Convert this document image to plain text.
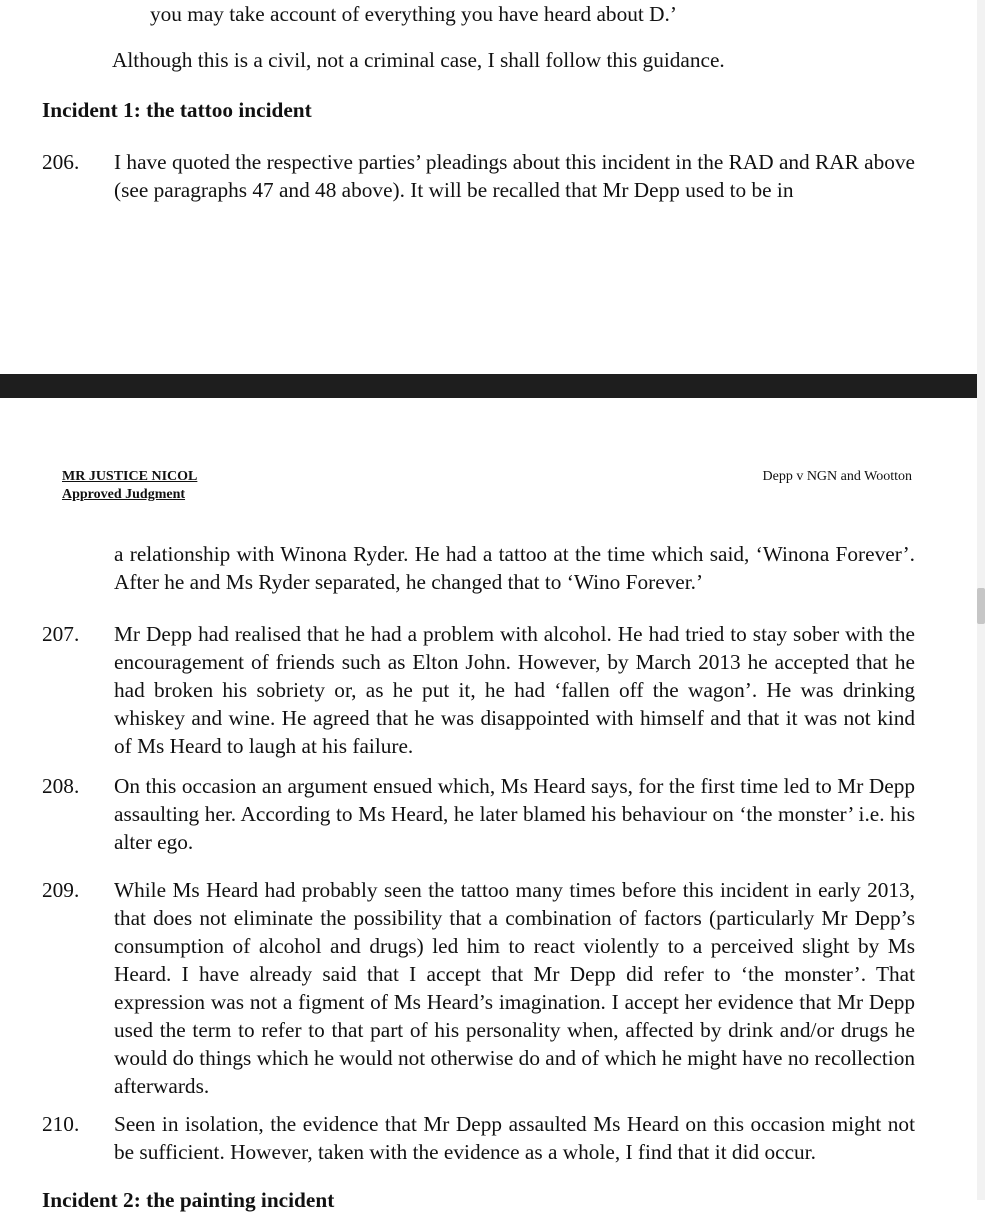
you may take account of everything you have heard about D.’
Although this is a civil, not a criminal case, I shall follow this guidance.
Incident 1: the tattoo incident
206. I have quoted the respective parties’ pleadings about this incident in the RAD and RAR above (see paragraphs 47 and 48 above). It will be recalled that Mr Depp used to be in
MR JUSTICE NICOL
Approved Judgment
Depp v NGN and Wootton
a relationship with Winona Ryder. He had a tattoo at the time which said, ‘Winona Forever’. After he and Ms Ryder separated, he changed that to ‘Wino Forever.’
207. Mr Depp had realised that he had a problem with alcohol. He had tried to stay sober with the encouragement of friends such as Elton John. However, by March 2013 he accepted that he had broken his sobriety or, as he put it, he had ‘fallen off the wagon’. He was drinking whiskey and wine. He agreed that he was disappointed with himself and that it was not kind of Ms Heard to laugh at his failure.
208. On this occasion an argument ensued which, Ms Heard says, for the first time led to Mr Depp assaulting her. According to Ms Heard, he later blamed his behaviour on ‘the monster’ i.e. his alter ego.
209. While Ms Heard had probably seen the tattoo many times before this incident in early 2013, that does not eliminate the possibility that a combination of factors (particularly Mr Depp’s consumption of alcohol and drugs) led him to react violently to a perceived slight by Ms Heard. I have already said that I accept that Mr Depp did refer to ‘the monster’. That expression was not a figment of Ms Heard’s imagination. I accept her evidence that Mr Depp used the term to refer to that part of his personality when, affected by drink and/or drugs he would do things which he would not otherwise do and of which he might have no recollection afterwards.
210. Seen in isolation, the evidence that Mr Depp assaulted Ms Heard on this occasion might not be sufficient. However, taken with the evidence as a whole, I find that it did occur.
Incident 2: the painting incident
